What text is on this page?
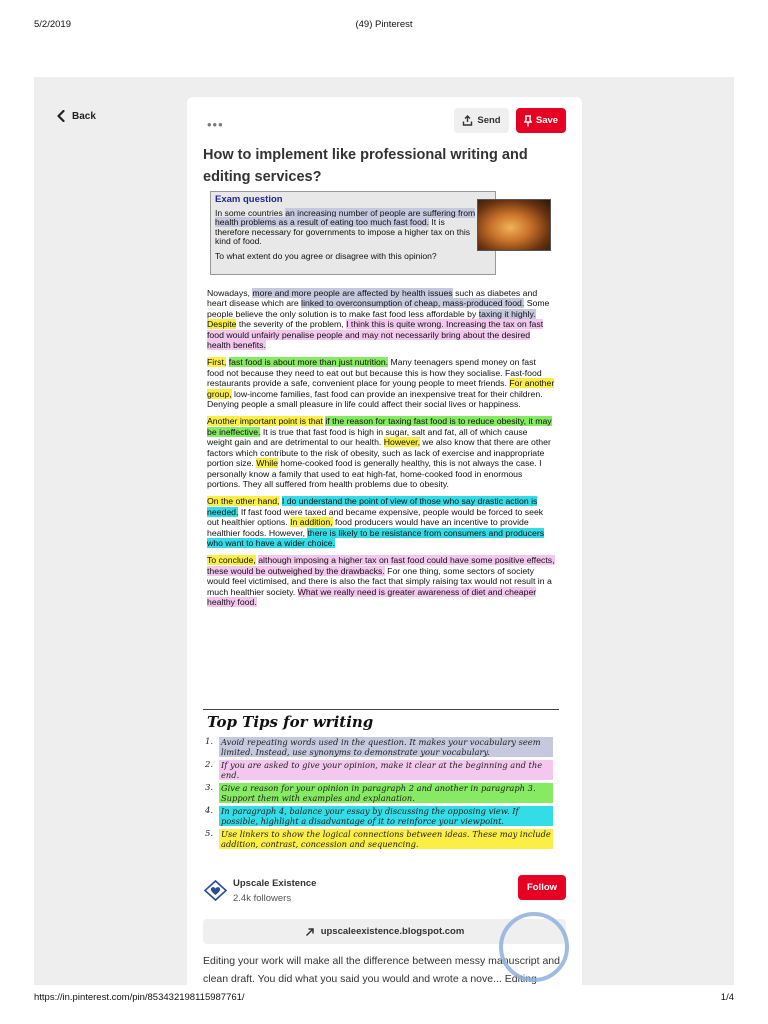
5/2/2019	(49) Pinterest
Back
•••	Send	Save
How to implement like professional writing and editing services?
Exam question
In some countries an increasing number of people are suffering from health problems as a result of eating too much fast food. It is therefore necessary for governments to impose a higher tax on this kind of food.
To what extent do you agree or disagree with this opinion?

Nowadays, more and more people are affected by health issues such as diabetes and heart disease which are linked to overconsumption of cheap, mass-produced food. Some people believe the only solution is to make fast food less affordable by taxing it highly. Despite the severity of the problem, I think this is quite wrong. Increasing the tax on fast food would unfairly penalise people and may not necessarily bring about the desired health benefits.

First, fast food is about more than just nutrition. Many teenagers spend money on fast food not because they need to eat out but because this is how they socialise. Fast-food restaurants provide a safe, convenient place for young people to meet friends. For another group, low-income families, fast food can provide an inexpensive treat for their children. Denying people a small pleasure in life could affect their social lives or happiness.

Another important point is that if the reason for taxing fast food is to reduce obesity, it may be ineffective. It is true that fast food is high in sugar, salt and fat, all of which cause weight gain and are detrimental to our health. However, we also know that there are other factors which contribute to the risk of obesity, such as lack of exercise and inappropriate portion size. While home-cooked food is generally healthy, this is not always the case. I personally know a family that used to eat high-fat, home-cooked food in enormous portions. They all suffered from health problems due to obesity.

On the other hand, I do understand the point of view of those who say drastic action is needed. If fast food were taxed and became expensive, people would be forced to seek out healthier options. In addition, food producers would have an incentive to provide healthier foods. However, there is likely to be resistance from consumers and producers who want to have a wider choice.

To conclude, although imposing a higher tax on fast food could have some positive effects, these would be outweighed by the drawbacks. For one thing, some sectors of society would feel victimised, and there is also the fact that simply raising tax would not result in a much healthier society. What we really need is greater awareness of diet and cheaper healthy food.

Top Tips for writing
1. Avoid repeating words used in the question. It makes your vocabulary seem limited. Instead, use synonyms to demonstrate your vocabulary.
2. If you are asked to give your opinion, make it clear at the beginning and the end.
3. Give a reason for your opinion in paragraph 2 and another in paragraph 3. Support them with examples and explanation.
4. In paragraph 4, balance your essay by discussing the opposing view. If possible, highlight a disadvantage of it to reinforce your viewpoint.
5. Use linkers to show the logical connections between ideas. These may include addition, contrast, concession and sequencing.
Upscale Existence
2.4k followers
Follow
upscaleexistence.blogspot.com
Editing your work will make all the difference between messy manuscript and clean draft. You did what you said you would and wrote a nove... Editing
https://in.pinterest.com/pin/853432198115987761/	1/4
